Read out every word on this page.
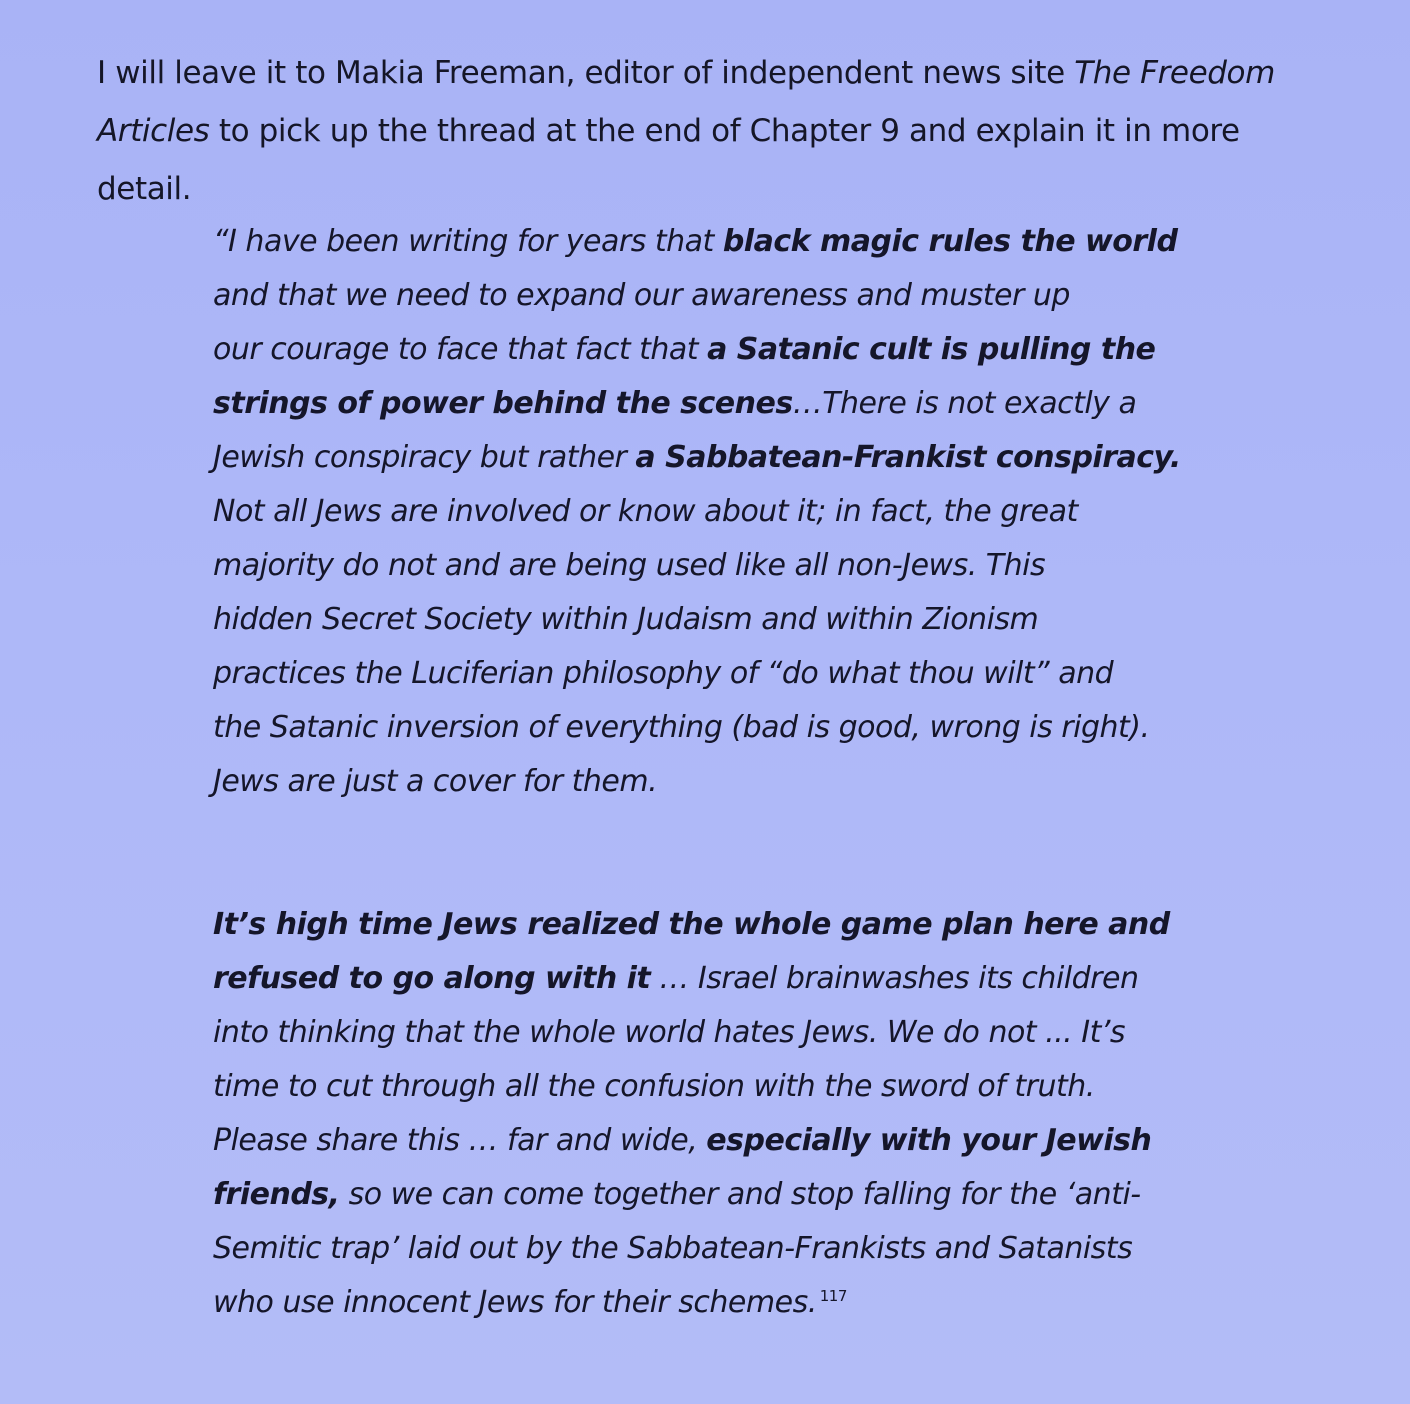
I will leave it to Makia Freeman, editor of independent news site The Freedom

Articles to pick up the thread at the end of Chapter 9 and explain it in more detail.

“I have been writing for years that black magic rules the world
and that we need to expand our awareness and muster up
our courage to face that fact that a Satanic cult is pulling the
strings of power behind the scenes…There is not exactly a
Jewish conspiracy but rather a Sabbatean-Frankist conspiracy.
Not all Jews are involved or know about it; in fact, the great
majority do not and are being used like all non-Jews. This
hidden Secret Society within Judaism and within Zionism
practices the Luciferian philosophy of “do what thou wilt” and
the Satanic inversion of everything (bad is good, wrong is right).
Jews are just a cover for them.
It’s high time Jews realized the whole game plan here and
refused to go along with it … Israel brainwashes its children
into thinking that the whole world hates Jews. We do not ... It’s
time to cut through all the confusion with the sword of truth.
Please share this … far and wide, especially with your Jewish
friends, so we can come together and stop falling for the ‘anti-
Semitic trap’ laid out by the Sabbatean-Frankists and Satanists
who use innocent Jews for their schemes. $^{117}$
